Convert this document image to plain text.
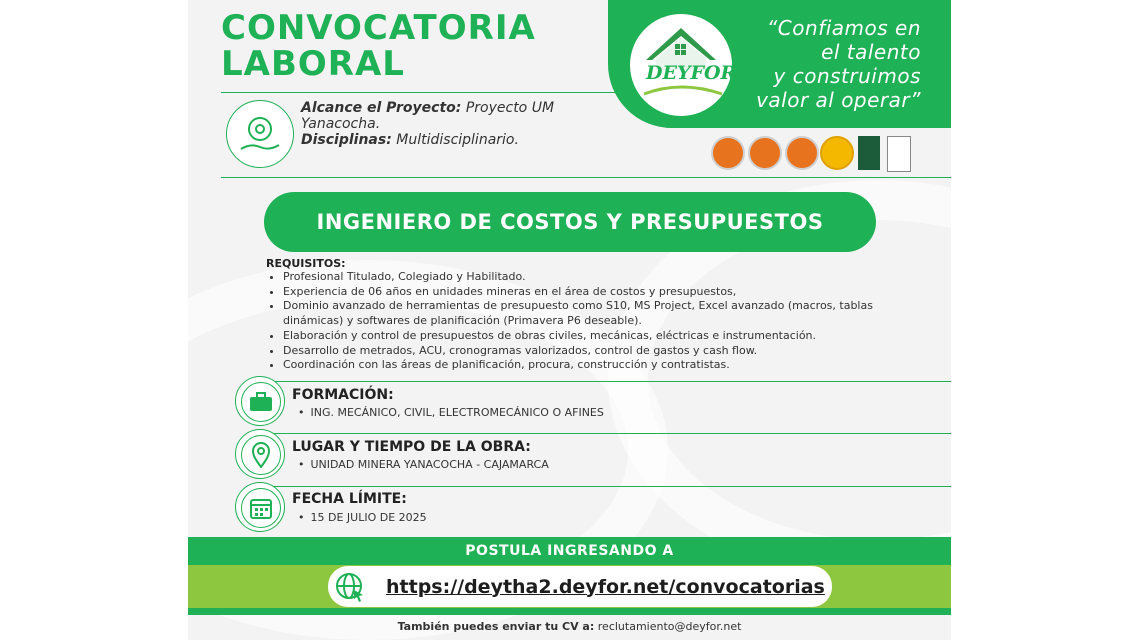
CONVOCATORIA
LABORAL	DEYFOR
“Confiamos en
el talento
y construimos
valor al operar”
Alcance el Proyecto: Proyecto UM Yanacocha.
Disciplinas: Multidisciplinario.
INGENIERO DE COSTOS Y PRESUPUESTOS
REQUISITOS:
• Profesional Titulado, Colegiado y Habilitado.
• Experiencia de 06 años en unidades mineras en el área de costos y presupuestos,
• Dominio avanzado de herramientas de presupuesto como S10, MS Project, Excel avanzado (macros, tablas dinámicas) y softwares de planificación (Primavera P6 deseable).
• Elaboración y control de presupuestos de obras civiles, mecánicas, eléctricas e instrumentación.
• Desarrollo de metrados, ACU, cronogramas valorizados, control de gastos y cash flow.
• Coordinación con las áreas de planificación, procura, construcción y contratistas.
FORMACIÓN:
• ING. MECÁNICO, CIVIL, ELECTROMECÁNICO O AFINES
LUGAR Y TIEMPO DE LA OBRA:
• UNIDAD MINERA YANACOCHA - CAJAMARCA
FECHA LÍMITE:
• 15 DE JULIO DE 2025
POSTULA INGRESANDO A
https://deytha2.deyfor.net/convocatorias
También puedes enviar tu CV a: reclutamiento@deyfor.net
